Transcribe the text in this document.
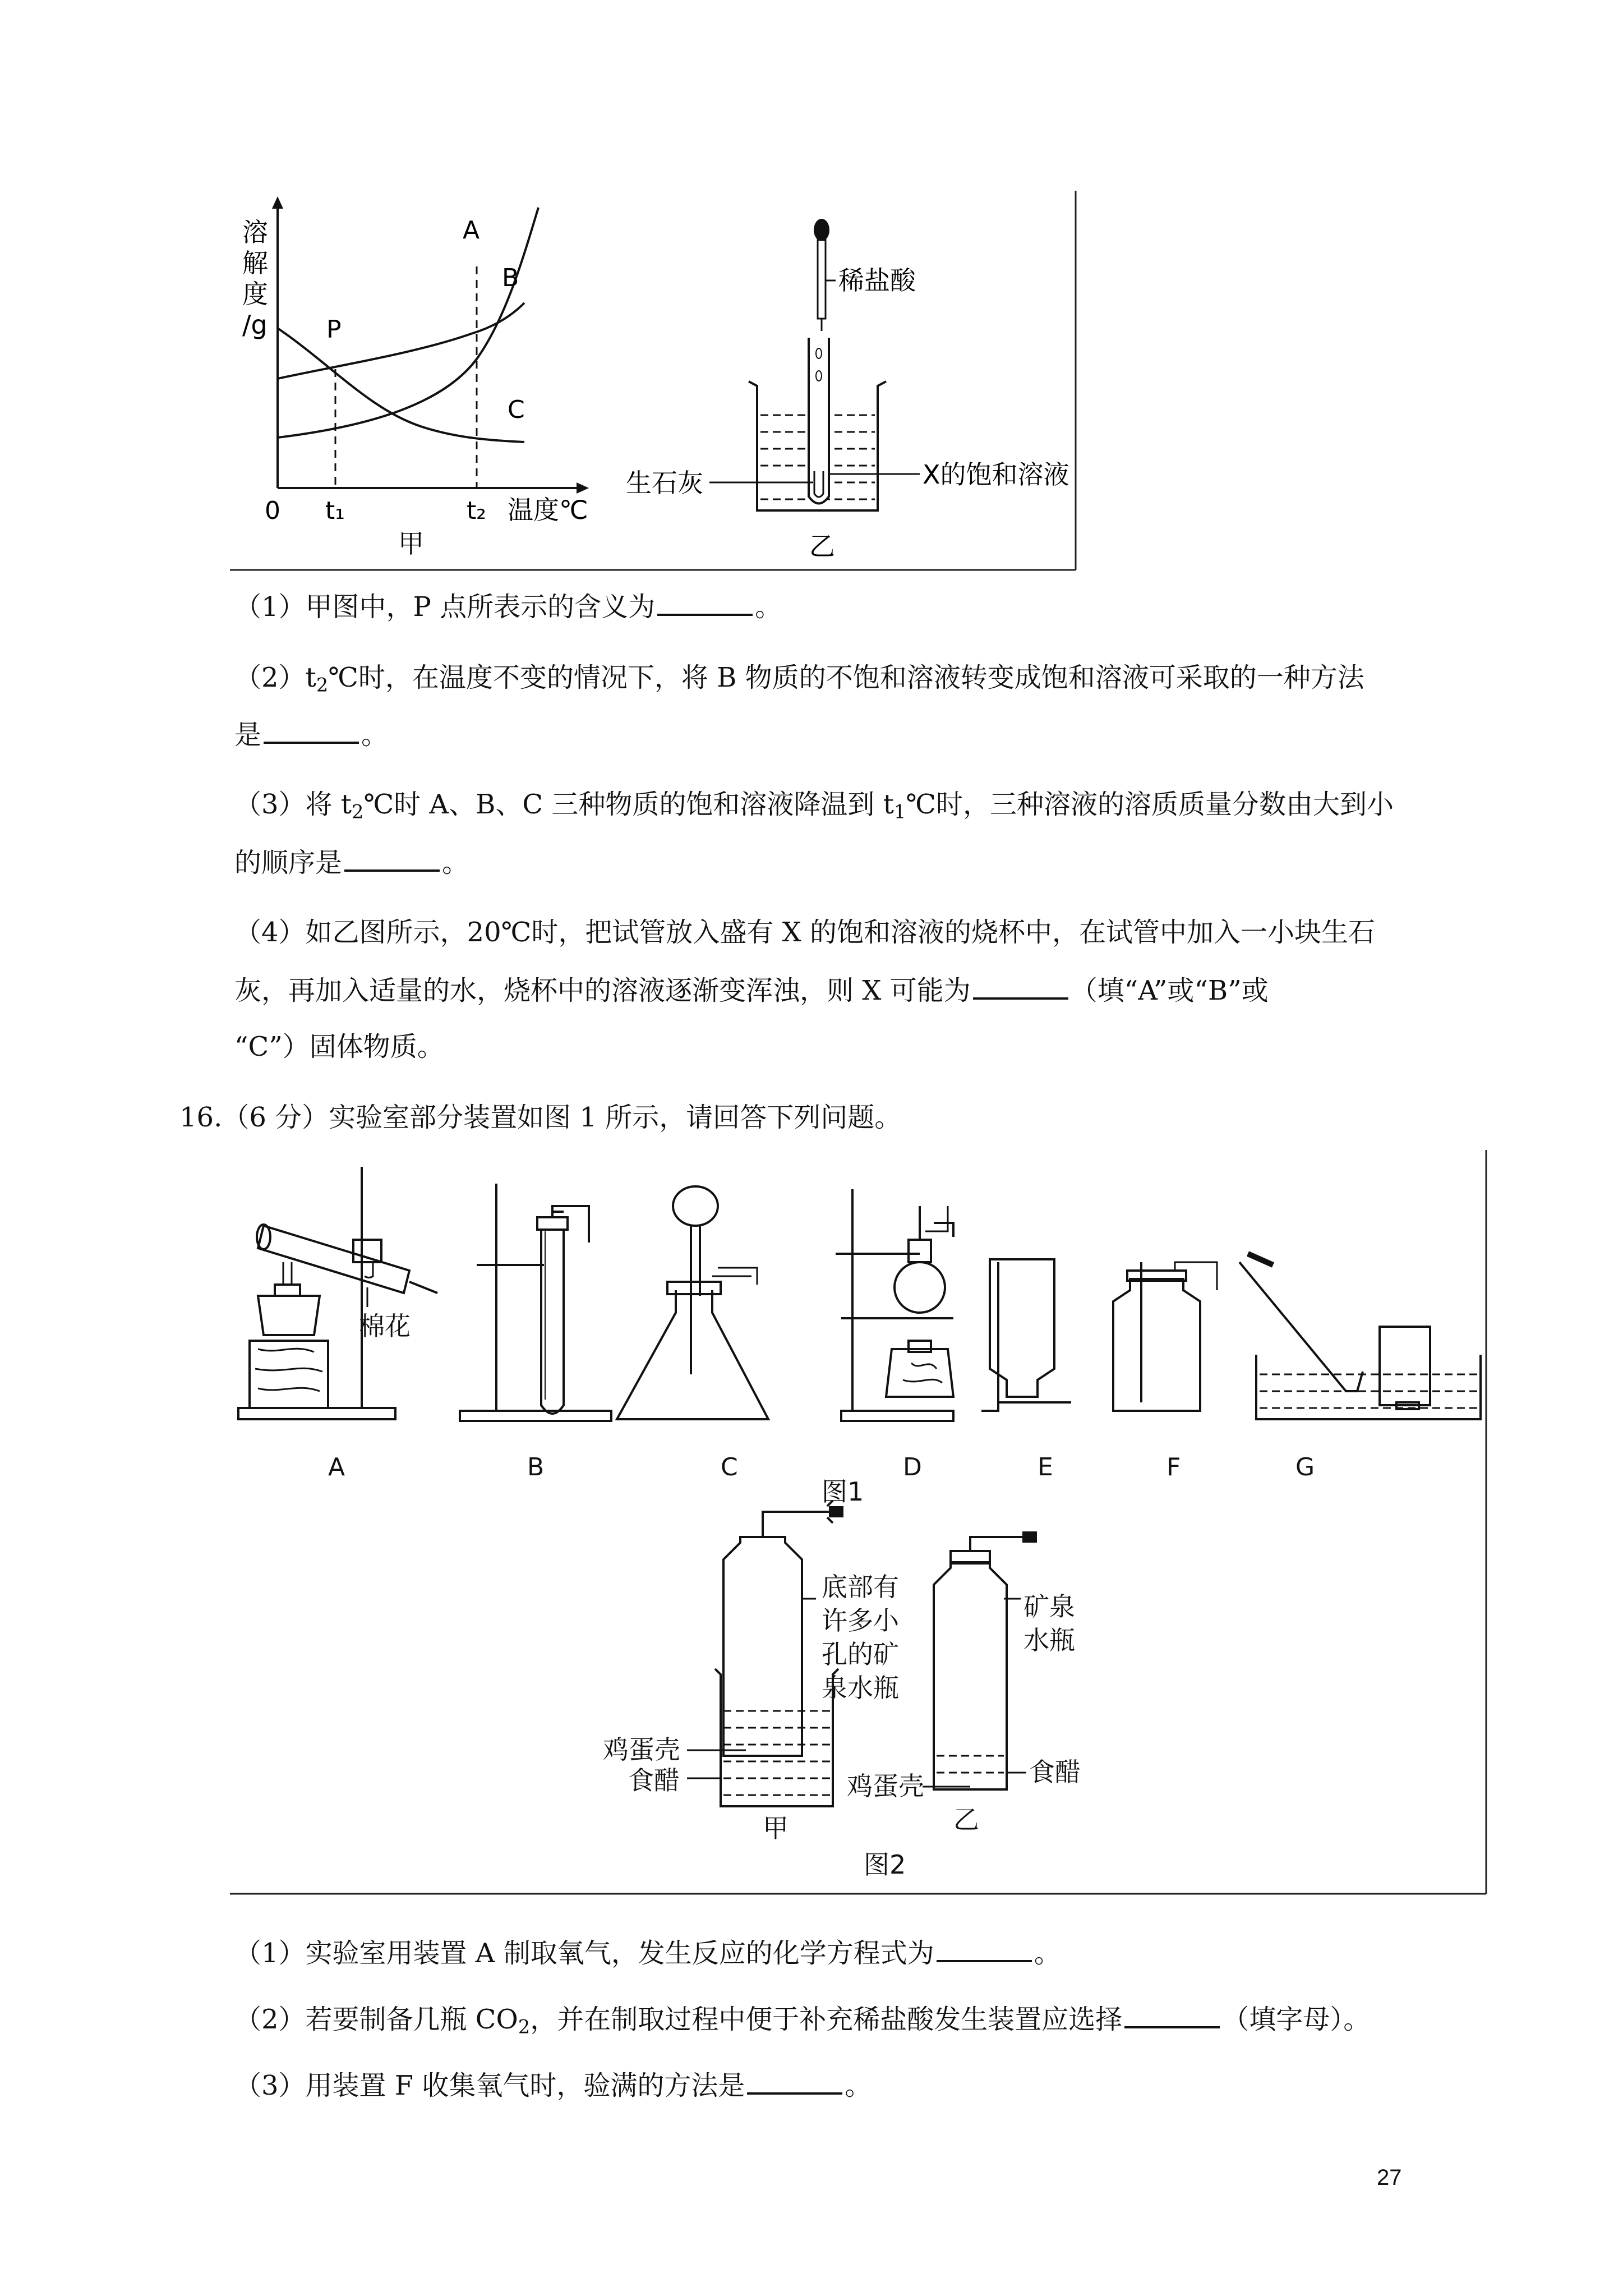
溶
解
度
/g
0 t₁	t₂ 温度℃
P
A
B
C
甲
稀盐酸
生石灰	X的饱和溶液
乙
（1）甲图中，P 点所表示的含义为	。
$(2)t_2℃$时，在温度不变的情况下，将 B 物质的不饱和溶液转变成饱和溶液可采取的一种方法
是	。
（3）将 $t_2℃$时 A、B、C 三种物质的饱和溶液降温到 $t_1℃$时，三种溶液的溶质质量分数由大到小
的顺序是	。
（4）如乙图所示，20℃时，把试管放入盛有 X 的饱和溶液的烧杯中，在试管中加入一小块生石
灰，再加入适量的水，烧杯中的溶液逐渐变浑浊，则 X 可能为	（填“A”或“B”或
“C”）固体物质。
16.（6 分）实验室部分装置如图 1 所示，请回答下列问题。
棉花
A	B	C	D	E	F	G
图1
底部有
许多小
孔的矿
泉水瓶
鸡蛋壳
食醋
甲
矿泉
水瓶
鸡蛋壳	食醋
乙
图2
（1）实验室用装置 A 制取氧气，发生反应的化学方程式为	。
（2）若要制备几瓶 $CO_2$，并在制取过程中便于补充稀盐酸发生装置应选择	（填字母）。
（3）用装置 F 收集氧气时，验满的方法是	。
27
